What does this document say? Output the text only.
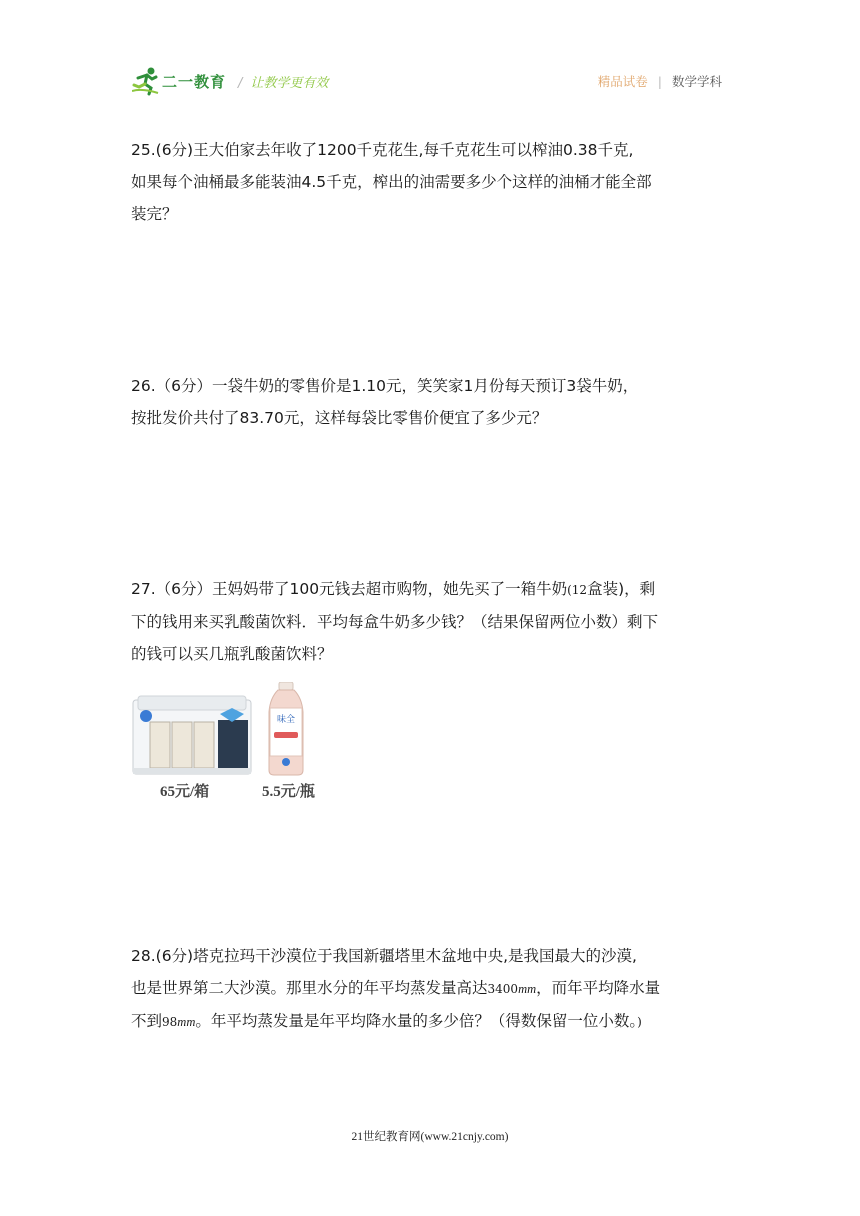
二一教育 / 让教学更有效	精品试卷 | 数学学科

25.(6分)王大伯家去年收了1200千克花生,每千克花生可以榨油0.38千克,

如果每个油桶最多能装油4.5千克，榨出的油需要多少个这样的油桶才能全部

装完？

26.（6分）一袋牛奶的零售价是1.10元，笑笑家1月份每天预订3袋牛奶，

按批发价共付了83.70元，这样每袋比零售价便宜了多少元？

27.（6分）王妈妈带了100元钱去超市购物，她先买了一箱牛奶(12盒装)，剩

下的钱用来买乳酸菌饮料．平均每盒牛奶多少钱？（结果保留两位小数）剩下

的钱可以买几瓶乳酸菌饮料？

65元/箱
味全
5.5元/瓶

28.(6分)塔克拉玛干沙漠位于我国新疆塔里木盆地中央,是我国最大的沙漠,

也是世界第二大沙漠。那里水分的年平均蒸发量高达3400mm，而年平均降水量

不到98mm。年平均蒸发量是年平均降水量的多少倍？（得数保留一位小数。)

21世纪教育网(www.21cnjy.com)
